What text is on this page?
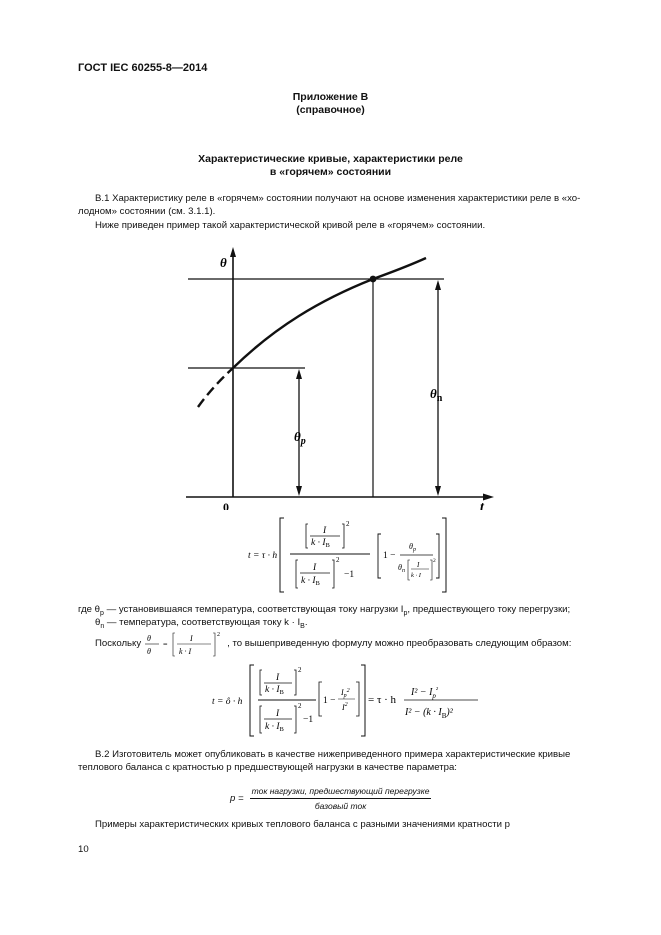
ГОСТ IEC 60255-8—2014
Приложение В
(справочное)
Характеристические кривые, характеристики реле
в «горячем» состоянии
В.1 Характеристику реле в «горячем» состоянии получают на основе изменения характеристики реле в «хо-
лодном» состоянии (см. 3.1.1).
Ниже приведен пример такой характеристической кривой реле в «горячем» состоянии.
θ
t
0
$\theta_p$
$\theta_n$
t = τ · h
I
$k \cdot I_B$
2
I
$k \cdot I_B$
2
−1
1 −
$\theta_p$
$\theta_n$
I
k · I
2
где $\theta_р$ — установившаяся температура, соответствующая току нагрузки $I_р$, предшествующего току перегрузки;
$\theta_n$ — температура, соответствующая току $k \cdot I_B$.
Поскольку θ
θ
=
I
k · I
2
, то вышеприведенную формулу можно преобразовать следующим образом:
t = ô · h
I
$k \cdot I_B$
2
I
$k \cdot I_B$
2
−1
1 −
$I_p^2$
$I^2 = \tau \cdot h$
$I^2 - I_p^{^2}$
$I^2 - (k \cdot I_B)^2$
В.2 Изготовитель может опубликовать в качестве нижеприведенного примера характеристические кривые
теплового баланса с кратностью p предшествующей нагрузки в качестве параметра:
$p = \frac{\text{ток нагрузки, предшествующий перегрузке}}{\text{базовый ток}}$
Примеры характеристических кривых теплового баланса с разными значениями кратности p
10
